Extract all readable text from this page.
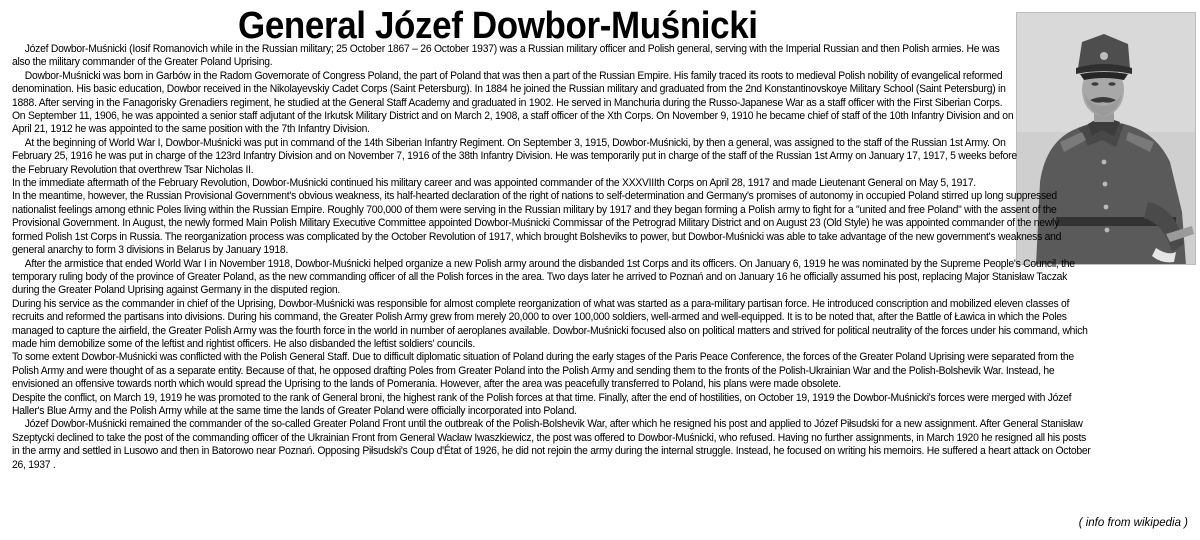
General Józef Dowbor-Muśnicki

Józef Dowbor-Muśnicki (Iosif Romanovich while in the Russian military; 25 October 1867 – 26 October 1937) was a Russian military officer and Polish general, serving with the Imperial Russian and then Polish armies. He was also the military commander of the Greater Poland Uprising.

Dowbor-Muśnicki was born in Garbów in the Radom Governorate of Congress Poland, the part of Poland that was then a part of the Russian Empire. His family traced its roots to medieval Polish nobility of evangelical reformed denomination. His basic education, Dowbor received in the Nikolayevskiy Cadet Corps (Saint Petersburg). In 1884 he joined the Russian military and graduated from the 2nd Konstantinovskoye Military School (Saint Petersburg) in 1888. After serving in the Fanagorisky Grenadiers regiment, he studied at the General Staff Academy and graduated in 1902. He served in Manchuria during the Russo-Japanese War as a staff officer with the First Siberian Corps. On September 11, 1906, he was appointed a senior staff adjutant of the Irkutsk Military District and on March 2, 1908, a staff officer of the Xth Corps. On November 9, 1910 he became chief of staff of the 10th Infantry Division and on April 21, 1912 he was appointed to the same position with the 7th Infantry Division.

At the beginning of World War I, Dowbor-Muśnicki was put in command of the 14th Siberian Infantry Regiment. On September 3, 1915, Dowbor-Muśnicki, by then a general, was assigned to the staff of the Russian 1st Army. On February 25, 1916 he was put in charge of the 123rd Infantry Division and on November 7, 1916 of the 38th Infantry Division. He was temporarily put in charge of the staff of the Russian 1st Army on January 17, 1917, 5 weeks before the February Revolution that overthrew Tsar Nicholas II.

In the immediate aftermath of the February Revolution, Dowbor-Muśnicki continued his military career and was appointed commander of the XXXVIIIth Corps on April 28, 1917 and made Lieutenant General on May 5, 1917.

In the meantime, however, the Russian Provisional Government's obvious weakness, its half-hearted declaration of the right of nations to self-determination and Germany's promises of autonomy in occupied Poland stirred up long suppressed nationalist feelings among ethnic Poles living within the Russian Empire. Roughly 700,000 of them were serving in the Russian military by 1917 and they began forming a Polish army to fight for a "united and free Poland" with the assent of the Provisional Government. In August, the newly formed Main Polish Military Executive Committee appointed Dowbor-Muśnicki Commissar of the Petrograd Military District and on August 23 (Old Style) he was appointed commander of the newly formed Polish 1st Corps in Russia. The reorganization process was complicated by the October Revolution of 1917, which brought Bolsheviks to power, but Dowbor-Muśnicki was able to take advantage of the new government's weakness and general anarchy to form 3 divisions in Belarus by January 1918.

After the armistice that ended World War I in November 1918, Dowbor-Muśnicki helped organize a new Polish army around the disbanded 1st Corps and its officers. On January 6, 1919 he was nominated by the Supreme People's Council, the temporary ruling body of the province of Greater Poland, as the new commanding officer of all the Polish forces in the area. Two days later he arrived to Poznań and on January 16 he officially assumed his post, replacing Major Stanisław Taczak during the Greater Poland Uprising against Germany in the disputed region.

During his service as the commander in chief of the Uprising, Dowbor-Muśnicki was responsible for almost complete reorganization of what was started as a para-military partisan force. He introduced conscription and mobilized eleven classes of recruits and reformed the partisans into divisions. During his command, the Greater Polish Army grew from merely 20,000 to over 100,000 soldiers, well-armed and well-equipped. It is to be noted that, after the Battle of Ławica in which the Poles managed to capture the airfield, the Greater Polish Army was the fourth force in the world in number of aeroplanes available. Dowbor-Muśnicki focused also on political matters and strived for political neutrality of the forces under his command, which made him demobilize some of the leftist and rightist officers. He also disbanded the leftist soldiers' councils.

To some extent Dowbor-Muśnicki was conflicted with the Polish General Staff. Due to difficult diplomatic situation of Poland during the early stages of the Paris Peace Conference, the forces of the Greater Poland Uprising were separated from the Polish Army and were thought of as a separate entity. Because of that, he opposed drafting Poles from Greater Poland into the Polish Army and sending them to the fronts of the Polish-Ukrainian War and the Polish-Bolshevik War. Instead, he envisioned an offensive towards north which would spread the Uprising to the lands of Pomerania. However, after the area was peacefully transferred to Poland, his plans were made obsolete.

Despite the conflict, on March 19, 1919 he was promoted to the rank of General broni, the highest rank of the Polish forces at that time. Finally, after the end of hostilities, on October 19, 1919 the Dowbor-Muśnicki's forces were merged with Józef Haller's Blue Army and the Polish Army while at the same time the lands of Greater Poland were officially incorporated into Poland.

Józef Dowbor-Muśnicki remained the commander of the so-called Greater Poland Front until the outbreak of the Polish-Bolshevik War, after which he resigned his post and applied to Józef Piłsudski for a new assignment. After General Stanisław Szeptycki declined to take the post of the commanding officer of the Ukrainian Front from General Wacław Iwaszkiewicz, the post was offered to Dowbor-Muśnicki, who refused. Having no further assignments, in March 1920 he resigned all his posts in the army and settled in Lusowo and then in Batorowo near Poznań. Opposing Piłsudski's Coup d'État of 1926, he did not rejoin the army during the internal struggle. Instead, he focused on writing his memoirs. He suffered a heart attack on October 26, 1937 .

( info from wikipedia )
